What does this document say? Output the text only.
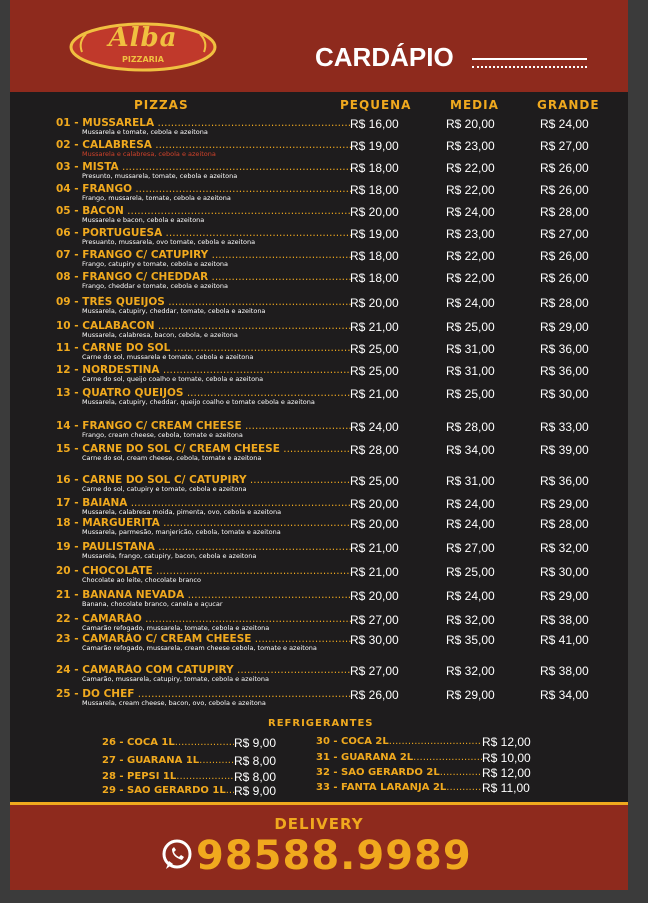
Alba
PIZZARIA	CARDÁPIO
PIZZAS	PEQUENA	MEDIA	GRANDE
01 - MUSSARELA .....
Mussarela e tomate, cebola e azeitona
R$ 16,00	R$ 20,00	R$ 24,00
02 - CALABRESA .....
Mussarela e calabresa, cebola e azeitona
R$ 19,00	R$ 23,00	R$ 27,00
03 - MISTA .....
Presunto, mussarela, tomate, cebola e azeitona
R$ 18,00	R$ 22,00	R$ 26,00
04 - FRANGO .....
Frango, mussarela, tomate, cebola e azeitona
R$ 18,00	R$ 22,00	R$ 26,00
05 - BACON .....
Mussarela e bacon, cebola e azeitona
R$ 20,00	R$ 24,00	R$ 28,00
06 - PORTUGUESA .....
Presuanto, mussarela, ovo tomate, cebola e azeitona
R$ 19,00	R$ 23,00	R$ 27,00
07 - FRANGO C/ CATUPIRY .....
Frango, catupiry e tomate, cebola e azeitona
R$ 18,00	R$ 22,00	R$ 26,00
08 - FRANGO C/ CHEDDAR .....
Frango, cheddar e tomate, cebola e azeitona
R$ 18,00	R$ 22,00	R$ 26,00
09 - TRÊS QUEIJOS .....
Mussarela, catupiry, cheddar, tomate, cebola e azeitona
R$ 20,00	R$ 24,00	R$ 28,00
10 - CALABACON .....
Mussarela, calabresa, bacon, cebola, e azeitona
R$ 21,00	R$ 25,00	R$ 29,00
11 - CARNE DO SOL .....
Carne do sol, mussarela e tomate, cebola e azeitona
R$ 25,00	R$ 31,00	R$ 36,00
12 - NORDESTINA .....
Carne do sol, queijo coalho e tomate, cebola e azeitona
R$ 25,00	R$ 31,00	R$ 36,00
13 - QUATRO QUEIJOS .....
Mussarela, catupiry, cheddar, queijo coalho e tomate cebola e azeitona
R$ 21,00	R$ 25,00	R$ 30,00
14 - FRANGO C/ CREAM CHEESE .....
Frango, cream cheese, cebola, tomate e azeitona
R$ 24,00	R$ 28,00	R$ 33,00
15 - CARNE DO SOL C/ CREAM CHEESE .....
Carne do sol, cream cheese, cebola, tomate e azeitona
R$ 28,00	R$ 34,00	R$ 39,00
16 - CARNE DO SOL C/ CATUPIRY .....
Carne do sol, catupiry e tomate, cebola e azeitona
R$ 25,00	R$ 31,00	R$ 36,00
17 - BAIANA .....
Mussarela, calabresa moida, pimenta, ovo, cebola e azeitona
R$ 20,00	R$ 24,00	R$ 29,00
18 - MARGUERITA .....
Mussarela, parmesão, manjericão, cebola, tomate e azeitona
R$ 20,00	R$ 24,00	R$ 28,00
19 - PAULISTANA .....
Mussarela, frango, catupiry, bacon, cebola e azeitona
R$ 21,00	R$ 27,00	R$ 32,00
20 - CHOCOLATE .....
Chocolate ao leite, chocolate branco
R$ 21,00	R$ 25,00	R$ 30,00
21 - BANANA NEVADA .....
Banana, chocolate branco, canela e açucar
R$ 20,00	R$ 24,00	R$ 29,00
22 - CAMARÃO .....
Camarão refogado, mussarela, tomate, cebola e azeitona
R$ 27,00	R$ 32,00	R$ 38,00
23 - CAMARÃO C/ CREAM CHEESE .....
Camarão refogado, mussarela, cream cheese cebola, tomate e azeitona
R$ 30,00	R$ 35,00	R$ 41,00
24 - CAMARÃO COM CATUPIRY .....
Camarão, mussarela, catupiry, tomate, cebola e azeitona
R$ 27,00	R$ 32,00	R$ 38,00
25 - DO CHEF .....
Mussarela, cream cheese, bacon, ovo, cebola e azeitona
R$ 26,00	R$ 29,00	R$ 34,00
REFRIGERANTES
26 - COCA 1L .....	R$ 9,00
27 - GUARANÁ 1L .....	R$ 8,00
28 - PEPSI 1L .....	R$ 8,00
29 - SÃO GERARDO 1L ..... R$ 9,00
30 - COCA 2L .....	R$ 12,00
31 - GUARANÁ 2L .....	R$ 10,00
32 - SÃO GERARDO 2L .....	R$ 12,00
33 - FANTA LARANJA 2L .....	R$ 11,00
DELIVERY
98588.9989
